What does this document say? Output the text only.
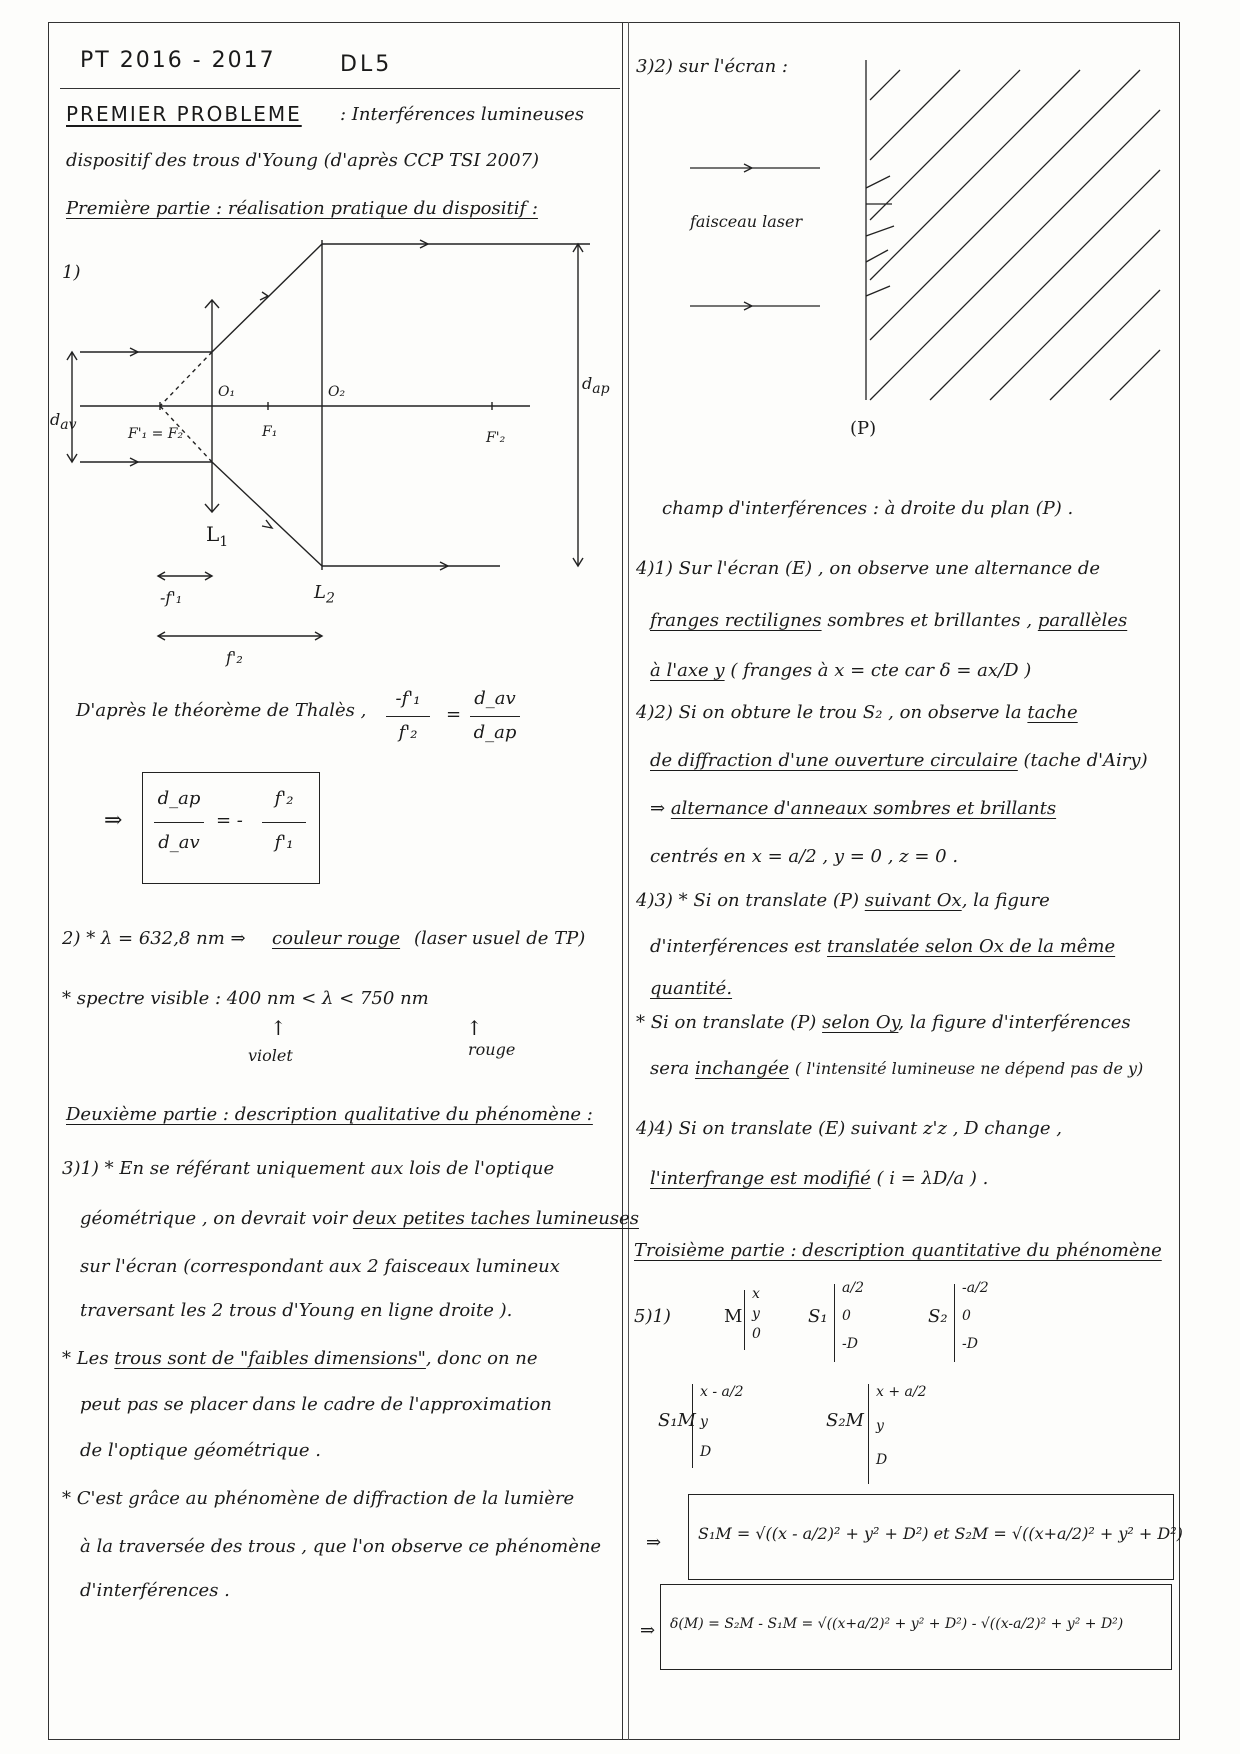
PT 2016 - 2017	DL5
PREMIER PROBLEME : Interférences lumineuses
dispositif des trous d'Young (d'après CCP TSI 2007)
Première partie : réalisation pratique du dispositif :
1)
O₁	O₂
F'₁ = F₂	F₁	F'₂
$L_1$
$L_2$
$d_{av}$
$d_{ap}$
-f'₁
f'₂
D'après le théorème de Thalès ,
-f'₁
f'₂
=
d_av
d_ap
⇒
d_ap
d_av
= -
f'₂
f'₁
2) * λ = 632,8 nm ⇒ couleur rouge (laser usuel de TP)
* spectre visible : 400 nm < λ < 750 nm
↑	↑
violet	rouge
Deuxième partie : description qualitative du phénomène :
3)1) * En se référant uniquement aux lois de l'optique
géométrique , on devrait voir deux petites taches lumineuses
sur l'écran (correspondant aux 2 faisceaux lumineux
traversant les 2 trous d'Young en ligne droite ).
* Les trous sont de "faibles dimensions", donc on ne
peut pas se placer dans le cadre de l'approximation
de l'optique géométrique .
* C'est grâce au phénomène de diffraction de la lumière
à la traversée des trous , que l'on observe ce phénomène
d'interférences .
3)2) sur l'écran :
faisceau laser
(P)
champ d'interférences : à droite du plan (P) .
4)1) Sur l'écran (E) , on observe une alternance de
franges rectilignes sombres et brillantes , parallèles
à l'axe y ( franges à x = cte car δ = ax/D )
4)2) Si on obture le trou S₂ , on observe la tache
de diffraction d'une ouverture circulaire (tache d'Airy)
⇒ alternance d'anneaux sombres et brillants
centrés en x = a/2 , y = 0 , z = 0 .
4)3) * Si on translate (P) suivant Ox, la figure
d'interférences est translatée selon Ox de la même
quantité.
* Si on translate (P) selon Oy, la figure d'interférences
sera inchangée ( l'intensité lumineuse ne dépend pas de y)
4)4) Si on translate (E) suivant z'z , D change ,
l'interfrange est modifié ( i = λD/a ) .
Troisième partie : description quantitative du phénomène
5)1)	M
x
y
0
S₁
a/2
0
-D
S₂
-a/2
0
-D
S₁M
x - a/2
y
D
S₂M
x + a/2
y
D
⇒ S₁M = √((x - a/2)² + y² + D²) et S₂M = √((x+a/2)² + y² + D²)
⇒ δ(M) = S₂M - S₁M = √((x+a/2)² + y² + D²) - √((x-a/2)² + y² + D²)
